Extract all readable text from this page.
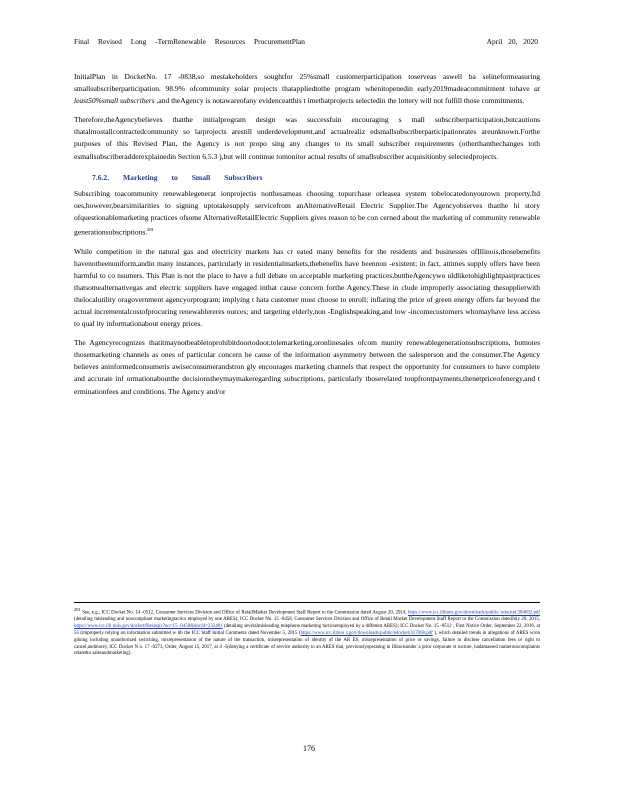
Final Revised Long -TermRenewable Resources ProcurementPlan	April 20, 2020

InitialPlan in DocketNo. 17 -0838,so mestakeholders soughtfor 25%small customerparticipation toserveas aswell ba selineformeasuring smallsubscriberparticipation. 98.9% ofcommunity solar projects thatappliedtothe program whenitopenedin early2019madeacommitment tohave at least50%small subscribers ,and theAgency is notawareofany evidenceatthis t imethatprojects selectedin the lottery will not fulfill those commitments.

Therefore,theAgencybelieves thatthe initialprogram design was successfuin encouraging s mall subscriberparticipation,butcautions thatalmostallcontractedcommunity so larprojects arestill underdevelopment,and actualrealiz edsmallsubscriberparticipationrates areunknown.Forthe purposes of this Revised Plan, the Agency is not propo sing any changes to its small subscriber requirements (otherthanthechanges toth esmallsubscriberadderexplainedin Section 6.5.3 ),but will continue tomonitor actual results of smallsubscriber acquisitionby selectedprojects.

7.6.2. Marketing to Small Subscribers

Subscribing toacommunity renewablegenerat ionprojectis notthesameas choosing topurchase orleasea system tobelocatedonyourown property.Itd oes,however,bearsimilarities to signing uptotakesupply servicefrom anAlternativeRetail Electric Supplier.The Agencyobserves thatthe hi story ofquestionablemarketing practices ofsome AlternativeRetailElectric Suppliers gives reason to be con cerned about the marketing of community renewable generationsubscriptions.$^{281}$

While competition in the natural gas and electricity markets has cr eated many benefits for the residents and businesses ofIllinois,thosebenefits havenotbeenuniform,andin many instances, particularly in residentialmarkets,thebenefits have beennon -existent; in fact, attimes supply offers have been harmful to co nsumers. This Plan is not the place to have a full debate on acceptable marketing practices,buttheAgencywo uldliketohighlightpastpractices thatsomealternativegas and electric suppliers have engaged inthat cause concern forthe Agency.These in clude improperly associating thesupplierwith thelocalutility oragovernment agencyorprogram; implying t hata customer must choose to enroll; inflating the price of green energy offers far beyond the actual incrementalcostofprocuring renewablereres ources; and targeting elderly,non -Englishspeaking,and low -incomecustomers whomayhave less access to qual ity informationabout energy prices.

The Agencyrecognizes thatitmaynotbeabletoprohibitdoortodoor,telemarketing,oronlinesales ofcom munity renewablegenerationsubscriptions, butnotes thosemarketing channels as ones of particular concern be cause of the information asymmetry between the salesperson and the consumer.The Agency believes aninformedconsumeris awiseconsumerandstron gly encourages marketing channels that respect the opportunity for consumers to have complete and accurate inf ormationaboutthe decisionstheymaymakeregarding subscriptions, particularly thoserelated toupfrontpayments,thenetpriceofenergy,and t erminationfees and conditions. The Agency and/or

$^{281}$ See, e.g., ICC Docket No. 14 -0512, Consumer Services Division and Office of RetailMarket Development Staff Report to the Commission dated August 20, 2014, https://www.icc.illinois.gov/downloads/public/ edocket/384692.pdf (detailing misleading and noncompliant marketingtactics employed by one ARES); ICC Docket No. 15 -0458, Consumer Services Division and Office of Retail Market Development Staff Report to the Commission datedJuly 20, 2015, https://www.icc.illi nois.gov/docket/filesaspx?no=15 -0458&docId=232481 (detailing severalmisleading telephone marketing tacticsemployed by a different ARES); ICC Docket No. 15 -0512 , First Notice Order, September 22, 2016, at 55 (improperly relying on information submitted w ith the ICC Staff Initial Comments dated November 5, 2015 (https://www.icc.illinoi s.gov/downloads/public/edocket/417068.pdf ), which detailed trends in allegations of ARES wron gdoing including unauthorized switching, misrepresentation of the nature of the transaction, misrepresentation of identity of the AR ES, misrepresentation of price or savings, failure to disclose cancellation fees or right to cancel,andmore); ICC Docket N o. 17 -0273, Order, August 15, 2017, at 4 -5(denying a certificate of service authority to an ARES that, previouslyoperating in Illinoisunder a prior corporate st ructure, hadamassed numerouscomplaints relatedto salesandmarketing).

176
